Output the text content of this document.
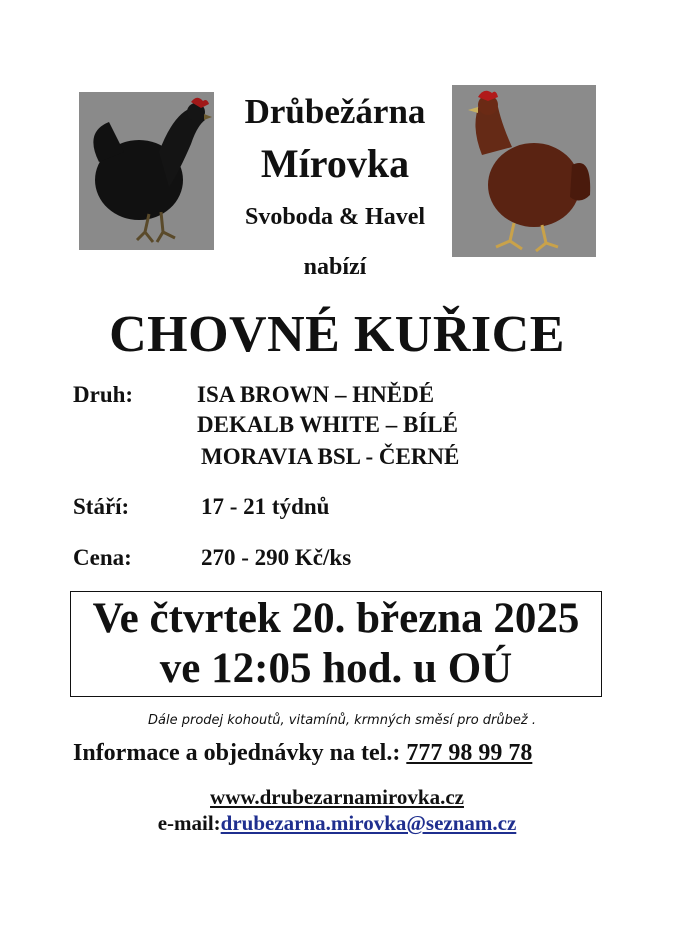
Drůbežárna
Mírovka
Svoboda & Havel
nabízí
CHOVNÉ KUŘICE
Druh:	ISA BROWN – HNĚDÉ
DEKALB WHITE – BÍLÉ
MORAVIA BSL - ČERNÉ
Stáří:	17 - 21 týdnů
Cena:	270 - 290 Kč/ks
Ve čtvrtek 20. března 2025
ve 12:05 hod. u OÚ
Dále prodej kohoutů, vitamínů, krmných směsí pro drůbež .
Informace a objednávky na tel.: 777 98 99 78
www.drubezarnamirovka.cz
e-mail:drubezarna.mirovka@seznam.cz
